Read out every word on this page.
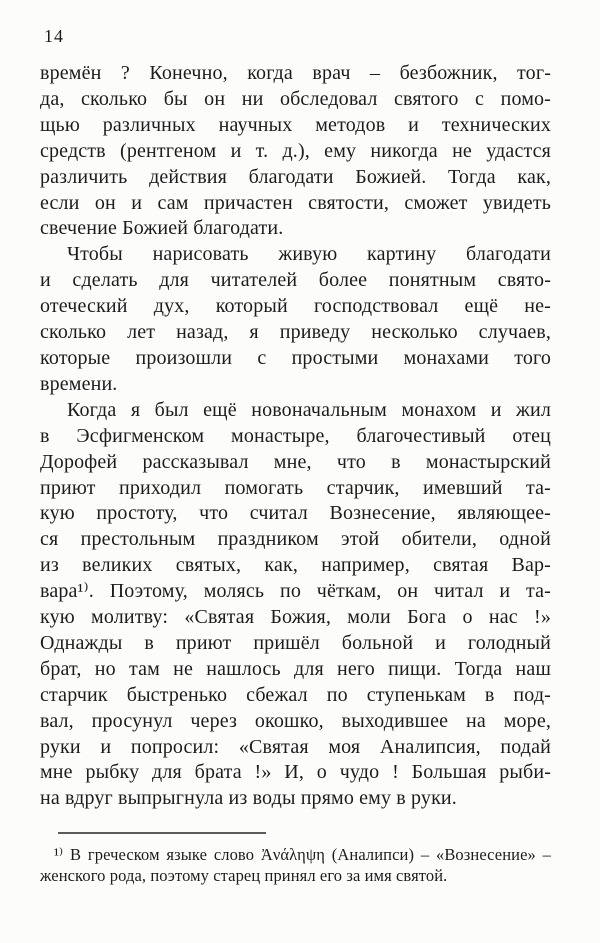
14
времён ? Конечно, когда врач – безбожник, тог-
да, сколько бы он ни обследовал святого с помо-
щью различных научных методов и технических
средств (рентгеном и т. д.), ему никогда не удастся
различить действия благодати Божией. Тогда как,
если он и сам причастен святости, сможет увидеть
свечение Божией благодати.
Чтобы нарисовать живую картину благодати
и сделать для читателей более понятным свято-
отеческий дух, который господствовал ещё не-
сколько лет назад, я приведу несколько случаев,
которые произошли с простыми монахами того
времени.
Когда я был ещё новоначальным монахом и жил
в Эсфигменском монастыре, благочестивый отец
Дорофей рассказывал мне, что в монастырский
приют приходил помогать старчик, имевший та-
кую простоту, что считал Вознесение, являющее-
ся престольным праздником этой обители, одной
из великих святых, как, например, святая Вар-
вара¹⁾. Поэтому, молясь по чёткам, он читал и та-
кую молитву: «Святая Божия, моли Бога о нас !»
Однажды в приют пришёл больной и голодный
брат, но там не нашлось для него пищи. Тогда наш
старчик быстренько сбежал по ступенькам в под-
вал, просунул через окошко, выходившее на море,
руки и попросил: «Святая моя Аналипсия, подай
мне рыбку для брата !» И, о чудо ! Большая рыби-
на вдруг выпрыгнула из воды прямо ему в руки.
¹⁾ В греческом языке слово Ἀνάληψη (Аналипси) – «Вознесение» –
женского рода, поэтому старец принял его за имя святой.
